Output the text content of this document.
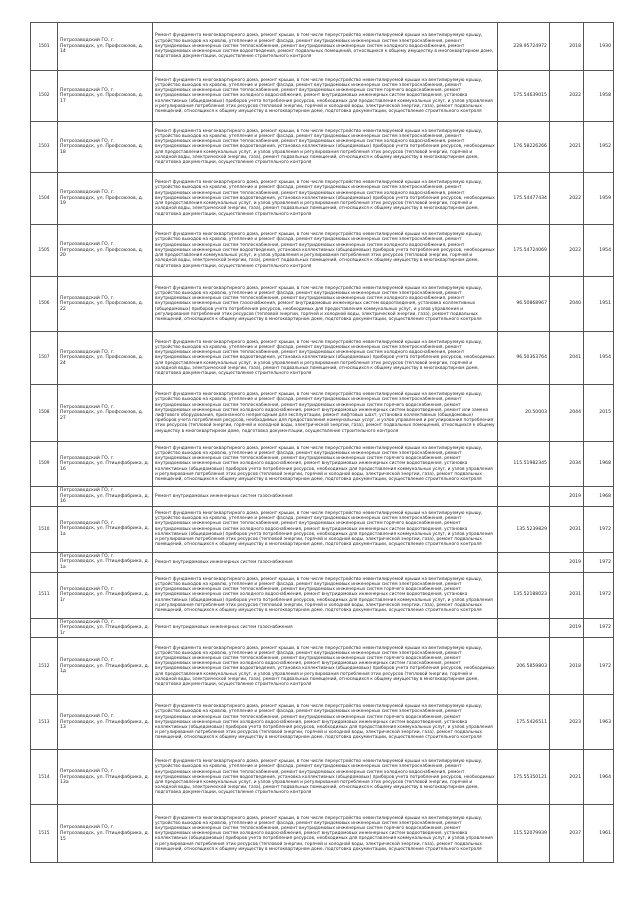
1501	Петрозаводский ГО, г. Петрозаводск, ул. Профсоюзов, д. 14	Ремонт фундамента многоквартирного дома, ремонт крыши, в том числе переустройство невентилируемой крыши на вентилируемую крышу, устройство выходов на кровлю, утепление и ремонт фасада, ремонт внутридомовых инженерных систем электроснабжения, ремонт внутридомовых инженерных систем теплоснабжения, ремонт внутридомовых инженерных систем холодного водоснабжения, ремонт внутридомовых инженерных систем водоотведения, ремонт подвальных помещений, относящихся к общему имуществу в многоквартирном доме, подготовка документации, осуществление строительного контроля	228.95724972	2018	1930
1502	Петрозаводский ГО, г. Петрозаводск, ул. Профсоюзов, д. 17	Ремонт фундамента многоквартирного дома, ремонт крыши, в том числе переустройство невентилируемой крыши на вентилируемую крышу, устройство выходов на кровлю, утепление и ремонт фасада, ремонт внутридомовых инженерных систем электроснабжения, ремонт внутридомовых инженерных систем теплоснабжения, ремонт внутридомовых инженерных систем горячего водоснабжения, ремонт внутридомовых инженерных систем холодного водоснабжения, ремонт внутридомовых инженерных систем водоотведения, установка коллективных (общедомовых) приборов учета потребления ресурсов, необходимых для предоставления коммунальных услуг, и узлов управления и регулирования потребления этих ресурсов (тепловой энергии, горячей и холодной воды, электрической энергии, газа), ремонт подвальных помещений, относящихся к общему имуществу в многоквартирном доме, подготовка документации, осуществление строительного контроля	175.54639015	2022	1958
1503	Петрозаводский ГО, г. Петрозаводск, ул. Профсоюзов, д. 18	Ремонт фундамента многоквартирного дома, ремонт крыши, в том числе переустройство невентилируемой крыши на вентилируемую крышу, устройство выходов на кровлю, утепление и ремонт фасада, ремонт внутридомовых инженерных систем электроснабжения, ремонт внутридомовых инженерных систем теплоснабжения, ремонт внутридомовых инженерных систем холодного водоснабжения, ремонт внутридомовых инженерных систем водоотведения, установка коллективных (общедомовых) приборов учета потребления ресурсов, необходимых для предоставления коммунальных услуг, и узлов управления и регулирования потребления этих ресурсов (тепловой энергии, горячей и холодной воды, электрической энергии, газа), ремонт подвальных помещений, относящихся к общему имуществу в многоквартирном доме, подготовка документации, осуществление строительного контроля	176.58226266	2021	1952
1504	Петрозаводский ГО, г. Петрозаводск, ул. Профсоюзов, д. 19	Ремонт фундамента многоквартирного дома, ремонт крыши, в том числе переустройство невентилируемой крыши на вентилируемую крышу, устройство выходов на кровлю, утепление и ремонт фасада, ремонт внутридомовых инженерных систем электроснабжения, ремонт внутридомовых инженерных систем теплоснабжения, ремонт внутридомовых инженерных систем холодного водоснабжения, ремонт внутридомовых инженерных систем водоотведения, установка коллективных (общедомовых) приборов учета потребления ресурсов, необходимых для предоставления коммунальных услуг, и узлов управления и регулирования потребления этих ресурсов (тепловой энергии, горячей и холодной воды, электрической энергии, газа), ремонт подвальных помещений, относящихся к общему имуществу в многоквартирном доме, подготовка документации, осуществление строительного контроля	175.54477434	2022	1959
1505	Петрозаводский ГО, г. Петрозаводск, ул. Профсоюзов, д. 20	Ремонт фундамента многоквартирного дома, ремонт крыши, в том числе переустройство невентилируемой крыши на вентилируемую крышу, устройство выходов на кровлю, утепление и ремонт фасада, ремонт внутридомовых инженерных систем электроснабжения, ремонт внутридомовых инженерных систем теплоснабжения, ремонт внутридомовых инженерных систем холодного водоснабжения, ремонт внутридомовых инженерных систем водоотведения, установка коллективных (общедомовых) приборов учета потребления ресурсов, необходимых для предоставления коммунальных услуг, и узлов управления и регулирования потребления этих ресурсов (тепловой энергии, горячей и холодной воды, электрической энергии, газа), ремонт подвальных помещений, относящихся к общему имуществу в многоквартирном доме, подготовка документации, осуществление строительного контроля	175.54724069	2022	1954
1506	Петрозаводский ГО, г. Петрозаводск, ул. Профсоюзов, д. 22	Ремонт фундамента многоквартирного дома, ремонт крыши, в том числе переустройство невентилируемой крыши на вентилируемую крышу, устройство выходов на кровлю, утепление и ремонт фасада, ремонт внутридомовых инженерных систем электроснабжения, ремонт внутридомовых инженерных систем теплоснабжения, ремонт внутридомовых инженерных систем холодного водоснабжения, ремонт внутридомовых инженерных систем газоснабжения, ремонт внутридомовых инженерных систем водоотведения, установка коллективных (общедомовых) приборов учета потребления ресурсов, необходимых для предоставления коммунальных услуг, и узлов управления и регулирования потребления этих ресурсов (тепловой энергии, горячей и холодной воды, электрической энергии, газа), ремонт подвальных помещений, относящихся к общему имуществу в многоквартирном доме, подготовка документации, осуществление строительного контроля	96.50868967	2040	1951
1507	Петрозаводский ГО, г. Петрозаводск, ул. Профсоюзов, д. 24	Ремонт фундамента многоквартирного дома, ремонт крыши, в том числе переустройство невентилируемой крыши на вентилируемую крышу, устройство выходов на кровлю, утепление и ремонт фасада, ремонт внутридомовых инженерных систем электроснабжения, ремонт внутридомовых инженерных систем теплоснабжения, ремонт внутридомовых инженерных систем холодного водоснабжения, ремонт внутридомовых инженерных систем водоотведения, установка коллективных (общедомовых) приборов учета потребления ресурсов, необходимых для предоставления коммунальных услуг, и узлов управления и регулирования потребления этих ресурсов (тепловой энергии, горячей и холодной воды, электрической энергии, газа), ремонт подвальных помещений, относящихся к общему имуществу в многоквартирном доме, подготовка документации, осуществление строительного контроля	96.50363764	2041	1954
1508	Петрозаводский ГО, г. Петрозаводск, ул. Профсоюзов, д. 27	Ремонт фундамента многоквартирного дома, ремонт крыши, в том числе переустройство невентилируемой крыши на вентилируемую крышу, устройство выходов на кровлю, утепление и ремонт фасада, ремонт внутридомовых инженерных систем электроснабжения, ремонт внутридомовых инженерных систем теплоснабжения, ремонт внутридомовых инженерных систем горячего водоснабжения, ремонт внутридомовых инженерных систем холодного водоснабжения, ремонт внутридомовых инженерных систем водоотведения, ремонт или замена лифтового оборудования, признанного непригодным для эксплуатации, ремонт лифтовых шахт, установка коллективных (общедомовых) приборов учета потребления ресурсов, необходимых для предоставления коммунальных услуг, и узлов управления и регулирования потребления этих ресурсов (тепловой энергии, горячей и холодной воды, электрической энергии, газа), ремонт подвальных помещений, относящихся к общему имуществу в многоквартирном доме, подготовка документации, осуществление строительного контроля	20.50003	2044	2015
1509	Петрозаводский ГО, г. Петрозаводск, ул. Птицефабрика, д. 16	Ремонт фундамента многоквартирного дома, ремонт крыши, в том числе переустройство невентилируемой крыши на вентилируемую крышу, устройство выходов на кровлю, утепление и ремонт фасада, ремонт внутридомовых инженерных систем электроснабжения, ремонт внутридомовых инженерных систем теплоснабжения, ремонт внутридомовых инженерных систем горячего водоснабжения, ремонт внутридомовых инженерных систем холодного водоснабжения, ремонт внутридомовых инженерных систем водоотведения, установка коллективных (общедомовых) приборов учета потребления ресурсов, необходимых для предоставления коммунальных услуг, и узлов управления и регулирования потребления этих ресурсов (тепловой энергии, горячей и холодной воды, электрической энергии, газа), ремонт подвальных помещений, относящихся к общему имуществу в многоквартирном доме, подготовка документации, осуществление строительного контроля	115.51982345	2034	1968
	Петрозаводский ГО, г. Петрозаводск, ул. Птицефабрика, д. 16	Ремонт внутридомовых инженерных систем газоснабжения		2019	1968
1510	Петрозаводский ГО, г. Петрозаводск, ул. Птицефабрика, д. 1а	Ремонт фундамента многоквартирного дома, ремонт крыши, в том числе переустройство невентилируемой крыши на вентилируемую крышу, устройство выходов на кровлю, утепление и ремонт фасада, ремонт внутридомовых инженерных систем электроснабжения, ремонт внутридомовых инженерных систем теплоснабжения, ремонт внутридомовых инженерных систем горячего водоснабжения, ремонт внутридомовых инженерных систем холодного водоснабжения, ремонт внутридомовых инженерных систем водоотведения, установка коллективных (общедомовых) приборов учета потребления ресурсов, необходимых для предоставления коммунальных услуг, и узлов управления и регулирования потребления этих ресурсов (тепловой энергии, горячей и холодной воды, электрической энергии, газа), ремонт подвальных помещений, относящихся к общему имуществу в многоквартирном доме, подготовка документации, осуществление строительного контроля	135.5239829	2031	1972
	Петрозаводский ГО, г. Петрозаводск, ул. Птицефабрика, д. 1а	Ремонт внутридомовых инженерных систем газоснабжения		2019	1972
1511	Петрозаводский ГО, г. Петрозаводск, ул. Птицефабрика, д. 1г	Ремонт фундамента многоквартирного дома, ремонт крыши, в том числе переустройство невентилируемой крыши на вентилируемую крышу, устройство выходов на кровлю, утепление и ремонт фасада, ремонт внутридомовых инженерных систем электроснабжения, ремонт внутридомовых инженерных систем теплоснабжения, ремонт внутридомовых инженерных систем горячего водоснабжения, ремонт внутридомовых инженерных систем холодного водоснабжения, ремонт внутридомовых инженерных систем водоотведения, установка коллективных (общедомовых) приборов учета потребления ресурсов, необходимых для предоставления коммунальных услуг, и узлов управления и регулирования потребления этих ресурсов (тепловой энергии, горячей и холодной воды, электрической энергии, газа), ремонт подвальных помещений, относящихся к общему имуществу в многоквартирном доме, подготовка документации, осуществление строительного контроля	135.52188023	2031	1972
	Петрозаводский ГО, г. Петрозаводск, ул. Птицефабрика, д. 1г	Ремонт внутридомовых инженерных систем газоснабжения		2019	1972
1512	Петрозаводский ГО, г. Петрозаводск, ул. Птицефабрика, д. 1д	Ремонт фундамента многоквартирного дома, ремонт крыши, в том числе переустройство невентилируемой крыши на вентилируемую крышу, устройство выходов на кровлю, утепление и ремонт фасада, ремонт внутридомовых инженерных систем электроснабжения, ремонт внутридомовых инженерных систем теплоснабжения, ремонт внутридомовых инженерных систем горячего водоснабжения, ремонт внутридомовых инженерных систем холодного водоснабжения, ремонт внутридомовых инженерных систем газоснабжения, ремонт внутридомовых инженерных систем водоотведения, установка коллективных (общедомовых) приборов учета потребления ресурсов, необходимых для предоставления коммунальных услуг, и узлов управления и регулирования потребления этих ресурсов (тепловой энергии, горячей и холодной воды, электрической энергии, газа), ремонт подвальных помещений, относящихся к общему имуществу в многоквартирном доме, подготовка документации, осуществление строительного контроля	206.5859803	2018	1972
1513	Петрозаводский ГО, г. Петрозаводск, ул. Птицефабрика, д. 13	Ремонт фундамента многоквартирного дома, ремонт крыши, в том числе переустройство невентилируемой крыши на вентилируемую крышу, устройство выходов на кровлю, утепление и ремонт фасада, ремонт внутридомовых инженерных систем электроснабжения, ремонт внутридомовых инженерных систем теплоснабжения, ремонт внутридомовых инженерных систем горячего водоснабжения, ремонт внутридомовых инженерных систем холодного водоснабжения, ремонт внутридомовых инженерных систем водоотведения, установка коллективных (общедомовых) приборов учета потребления ресурсов, необходимых для предоставления коммунальных услуг, и узлов управления и регулирования потребления этих ресурсов (тепловой энергии, горячей и холодной воды, электрической энергии, газа), ремонт подвальных помещений, относящихся к общему имуществу в многоквартирном доме, подготовка документации, осуществление строительного контроля	175.5426511	2023	1963
1514	Петрозаводский ГО, г. Петрозаводск, ул. Птицефабрика, д. 13а	Ремонт фундамента многоквартирного дома, ремонт крыши, в том числе переустройство невентилируемой крыши на вентилируемую крышу, устройство выходов на кровлю, утепление и ремонт фасада, ремонт внутридомовых инженерных систем электроснабжения, ремонт внутридомовых инженерных систем теплоснабжения, ремонт внутридомовых инженерных систем холодного водоснабжения, ремонт внутридомовых инженерных систем водоотведения, установка коллективных (общедомовых) приборов учета потребления ресурсов, необходимых для предоставления коммунальных услуг, и узлов управления и регулирования потребления этих ресурсов (тепловой энергии, горячей и холодной воды, электрической энергии, газа), ремонт подвальных помещений, относящихся к общему имуществу в многоквартирном доме, подготовка документации, осуществление строительного контроля	175.55350121	2021	1964
1515	Петрозаводский ГО, г. Петрозаводск, ул. Птицефабрика, д. 15	Ремонт фундамента многоквартирного дома, ремонт крыши, в том числе переустройство невентилируемой крыши на вентилируемую крышу, устройство выходов на кровлю, утепление и ремонт фасада, ремонт внутридомовых инженерных систем электроснабжения, ремонт внутридомовых инженерных систем теплоснабжения, ремонт внутридомовых инженерных систем горячего водоснабжения, ремонт внутридомовых инженерных систем холодного водоснабжения, ремонт внутридомовых инженерных систем водоотведения, установка коллективных (общедомовых) приборов учета потребления ресурсов, необходимых для предоставления коммунальных услуг, и узлов управления и регулирования потребления этих ресурсов (тепловой энергии, горячей и холодной воды, электрической энергии, газа), ремонт подвальных помещений, относящихся к общему имуществу в многоквартирном доме, подготовка документации, осуществление строительного контроля	115.52079939	2037	1961
